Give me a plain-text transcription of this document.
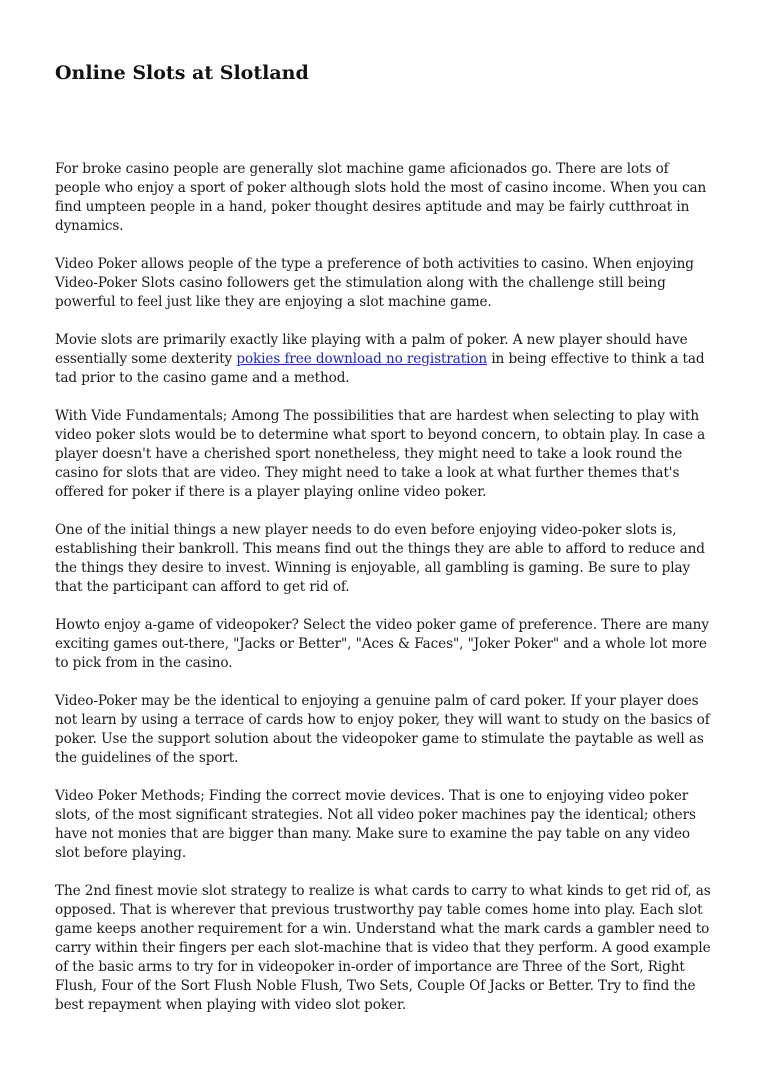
Online Slots at Slotland

For broke casino people are generally slot machine game aficionados go. There are lots of people who enjoy a sport of poker although slots hold the most of casino income. When you can find umpteen people in a hand, poker thought desires aptitude and may be fairly cutthroat in dynamics.

Video Poker allows people of the type a preference of both activities to casino. When enjoying Video-Poker Slots casino followers get the stimulation along with the challenge still being powerful to feel just like they are enjoying a slot machine game.

Movie slots are primarily exactly like playing with a palm of poker. A new player should have essentially some dexterity pokies free download no registration in being effective to think a tad tad prior to the casino game and a method.

With Vide Fundamentals; Among The possibilities that are hardest when selecting to play with video poker slots would be to determine what sport to beyond concern, to obtain play. In case a player doesn't have a cherished sport nonetheless, they might need to take a look round the casino for slots that are video. They might need to take a look at what further themes that's offered for poker if there is a player playing online video poker.

One of the initial things a new player needs to do even before enjoying video-poker slots is, establishing their bankroll. This means find out the things they are able to afford to reduce and the things they desire to invest. Winning is enjoyable, all gambling is gaming. Be sure to play that the participant can afford to get rid of.

Howto enjoy a-game of videopoker? Select the video poker game of preference. There are many exciting games out-there, "Jacks or Better", "Aces & Faces", "Joker Poker" and a whole lot more to pick from in the casino.

Video-Poker may be the identical to enjoying a genuine palm of card poker. If your player does not learn by using a terrace of cards how to enjoy poker, they will want to study on the basics of poker. Use the support solution about the videopoker game to stimulate the paytable as well as the guidelines of the sport.

Video Poker Methods; Finding the correct movie devices. That is one to enjoying video poker slots, of the most significant strategies. Not all video poker machines pay the identical; others have not monies that are bigger than many. Make sure to examine the pay table on any video slot before playing.

The 2nd finest movie slot strategy to realize is what cards to carry to what kinds to get rid of, as opposed. That is wherever that previous trustworthy pay table comes home into play. Each slot game keeps another requirement for a win. Understand what the mark cards a gambler need to carry within their fingers per each slot-machine that is video that they perform. A good example of the basic arms to try for in videopoker in-order of importance are Three of the Sort, Right Flush, Four of the Sort Flush Noble Flush, Two Sets, Couple Of Jacks or Better. Try to find the best repayment when playing with video slot poker.
